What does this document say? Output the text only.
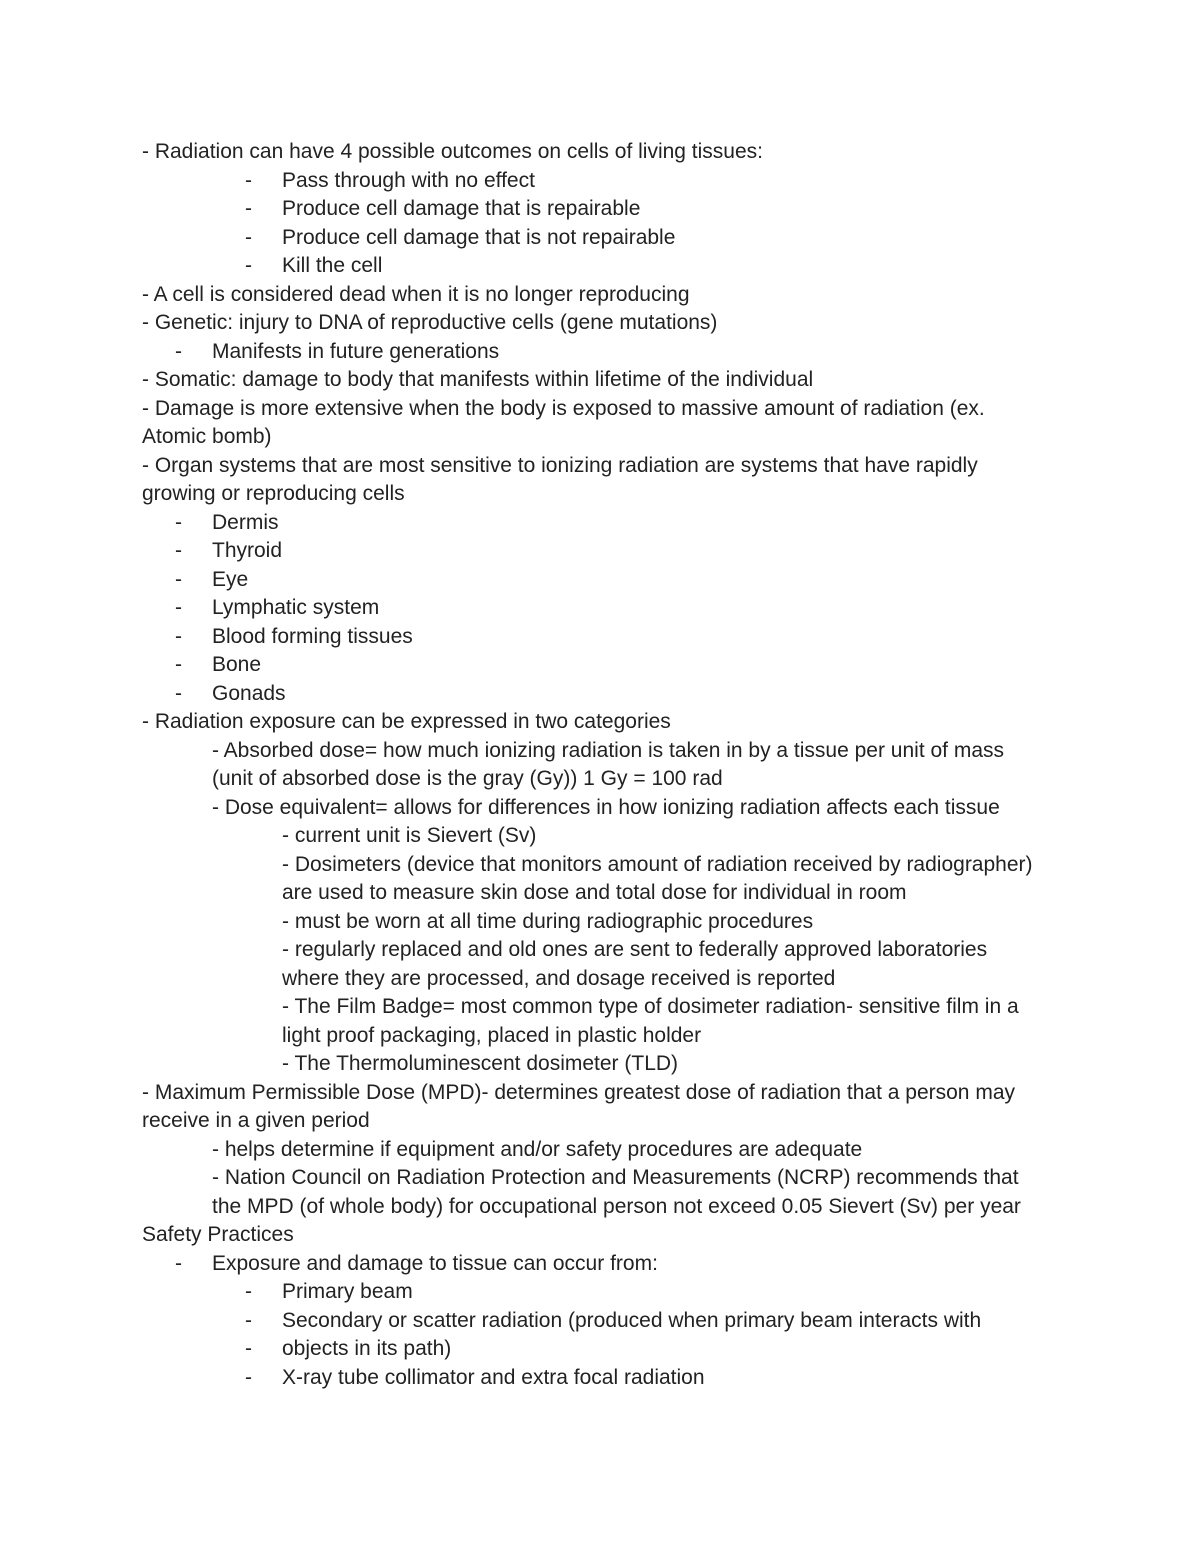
- Radiation can have 4 possible outcomes on cells of living tissues:
- Pass through with no effect
- Produce cell damage that is repairable
- Produce cell damage that is not repairable
- Kill the cell
- A cell is considered dead when it is no longer reproducing
- Genetic: injury to DNA of reproductive cells (gene mutations)
- Manifests in future generations
- Somatic: damage to body that manifests within lifetime of the individual
- Damage is more extensive when the body is exposed to massive amount of radiation (ex.
Atomic bomb)
- Organ systems that are most sensitive to ionizing radiation are systems that have rapidly
growing or reproducing cells
- Dermis
- Thyroid
- Eye
- Lymphatic system
- Blood forming tissues
- Bone
- Gonads
- Radiation exposure can be expressed in two categories
- Absorbed dose= how much ionizing radiation is taken in by a tissue per unit of mass
(unit of absorbed dose is the gray (Gy)) 1 Gy = 100 rad
- Dose equivalent= allows for differences in how ionizing radiation affects each tissue
- current unit is Sievert (Sv)
- Dosimeters (device that monitors amount of radiation received by radiographer)
are used to measure skin dose and total dose for individual in room
- must be worn at all time during radiographic procedures
- regularly replaced and old ones are sent to federally approved laboratories
where they are processed, and dosage received is reported
- The Film Badge= most common type of dosimeter radiation- sensitive film in a
light proof packaging, placed in plastic holder
- The Thermoluminescent dosimeter (TLD)
- Maximum Permissible Dose (MPD)- determines greatest dose of radiation that a person may
receive in a given period
- helps determine if equipment and/or safety procedures are adequate
- Nation Council on Radiation Protection and Measurements (NCRP) recommends that
the MPD (of whole body) for occupational person not exceed 0.05 Sievert (Sv) per year
Safety Practices
- Exposure and damage to tissue can occur from:
- Primary beam
- Secondary or scatter radiation (produced when primary beam interacts with
- objects in its path)
- X-ray tube collimator and extra focal radiation
